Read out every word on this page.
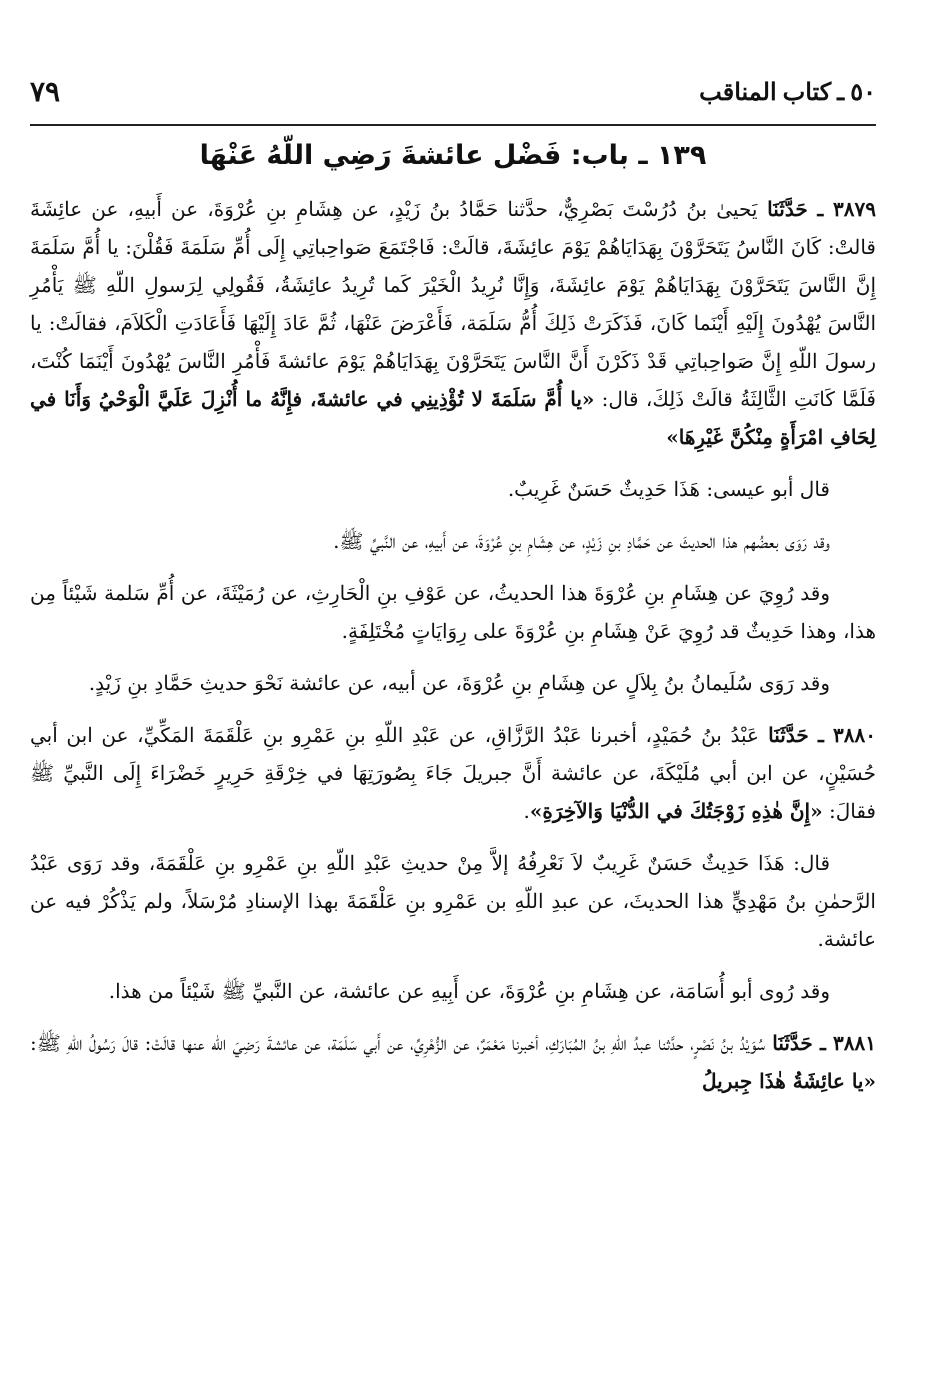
٥٠ ـ كتاب المناقب
٧٩
١٣٩ ـ باب: فَضْل عائشةَ رَضِي اللّهُ عَنْهَا

٣٨٧٩ ـ حَدَّثَنَا يَحيىٰ بنُ دُرُسْتَ بَصْرِيٌّ، حدَّثنا حَمَّادُ بنُ زَيْدٍ، عن هِشَامِ بنِ عُرْوَةَ، عن أَبيهِ، عن عائِشَةَ قالتْ: كَانَ النَّاسُ يَتَحَرَّوْنَ بِهَدَايَاهُمْ يَوْمَ عائِشَةَ، قالَتْ: فَاجْتَمَعَ صَواحِباتِي إِلَى أُمِّ سَلَمَةَ فَقُلْنَ: يا أُمَّ سَلَمَةَ إِنَّ النَّاسَ يَتَحَرَّوْنَ بِهَدَايَاهُمْ يَوْمَ عائِشَةَ، وَإِنَّا نُرِيدُ الْخَيْرَ كَما تُرِيدُ عائِشَةُ، فَقُولِي لِرَسولِ اللّهِ ﷺ يَأْمُرِ النَّاسَ يُهْدُونَ إِلَيْهِ أَيْنَما كَانَ، فَذَكَرَتْ ذَلِكَ أُمُّ سَلَمَة، فَأَعْرَضَ عَنْهَا، ثُمَّ عَادَ إِلَيْهَا فَأَعَادَتِ الْكَلاَمَ، فقالَتْ: يا رسولَ اللّهِ إِنَّ صَواحِباتِي قَدْ ذَكَرْنَ أَنَّ النَّاسَ يَتَحَرَّوْنَ بِهَدَايَاهُمْ يَوْمَ عائشةَ فَأْمُرِ النَّاسَ يُهْدُونَ أَيْنَمَا كُنْتَ، فَلَمَّا كَانَتِ الثَّالِثَةُ قالَتْ ذَلِكَ، قال: «يا أُمَّ سَلَمَةَ لا تُؤْذِينِي في عائشةَ، فإِنَّهُ ما أُنْزِلَ عَلَيَّ الْوَحْيُ وَأَنَا في لِحَافِ امْرَأَةٍ مِنْكُنَّ غَيْرِهَا»

قال أبو عيسى: هَذَا حَدِيثٌ حَسَنٌ غَرِيبٌ.

وقد رَوَى بعضُهم هذا الحديثَ عن حَمَّادِ بنِ زَيْدٍ، عن هِشَامِ بنِ عُرْوَةَ، عن أَبيهِ، عن النَّبيِّ ﷺ.

وقد رُوِيَ عن هِشَامِ بنِ عُرْوَةَ هذا الحديثُ، عن عَوْفِ بنِ الْحَارِثِ، عن رُمَيْثَةَ، عن أُمِّ سَلمة شَيْئاً مِن هذا، وهذا حَدِيثٌ قد رُوِيَ عَنْ هِشَامِ بنِ عُرْوَةَ على رِوَايَاتٍ مُخْتَلِفَةٍ.

وقد رَوَى سُلَيمانُ بنُ بِلاَلٍ عن هِشَامِ بنِ عُرْوَةَ، عن أبيه، عن عائشة نَحْوَ حديثِ حَمَّادِ بنِ زَيْدٍ.

٣٨٨٠ ـ حَدَّثَنَا عَبْدُ بنُ حُمَيْدٍ، أخبرنا عَبْدُ الرَّزَّاقِ، عن عَبْدِ اللّهِ بنِ عَمْرِو بنِ عَلْقَمَةَ المَكِّيِّ، عن ابن أبي حُسَيْنٍ، عن ابن أبي مُلَيْكَةَ، عن عائشة أَنَّ جبريلَ جَاءَ بِصُورَتِهَا في خِرْقَةِ حَرِيرٍ خَضْرَاءَ إِلَى النَّبيِّ ﷺ فقالَ: «إِنَّ هٰذِهِ زَوْجَتُكَ في الدُّنْيَا وَالآخِرَةِ».

قال: هَذَا حَدِيثٌ حَسَنٌ غَرِيبٌ لاَ نَعْرِفُهُ إلاَّ مِنْ حديثِ عَبْدِ اللّهِ بنِ عَمْرِو بنِ عَلْقَمَةَ، وقد رَوَى عَبْدُ الرَّحمٰنِ بنُ مَهْدِيٍّ هذا الحديثَ، عن عبدِ اللّهِ بن عَمْرِو بنِ عَلْقَمَةَ بهذا الإسنادِ مُرْسَلاً، ولم يَذْكُرْ فيه عن عائشة.

وقد رُوى أبو أُسَامَة، عن هِشَامِ بنِ عُرْوَةَ، عن أَبِيهِ عن عائشة، عن النَّبيِّ ﷺ شَيْئاً من هذا.

٣٨٨١ ـ حَدَّثَنَا سُوَيْدُ بنُ نَصْرٍ، حدَّثنا عبدُ اللّهِ بنُ المُبَارَكِ، أخبرنا مَعْمَرٌ، عن الزُّهْرِيِّ، عن أَبي سَلَمَة، عن عائشةَ رَضِيَ الله عنها قالَتْ: قالَ رَسُولُ اللّهِ ﷺ: «يا عائِشَةُ هٰذَا جِبريلُ
